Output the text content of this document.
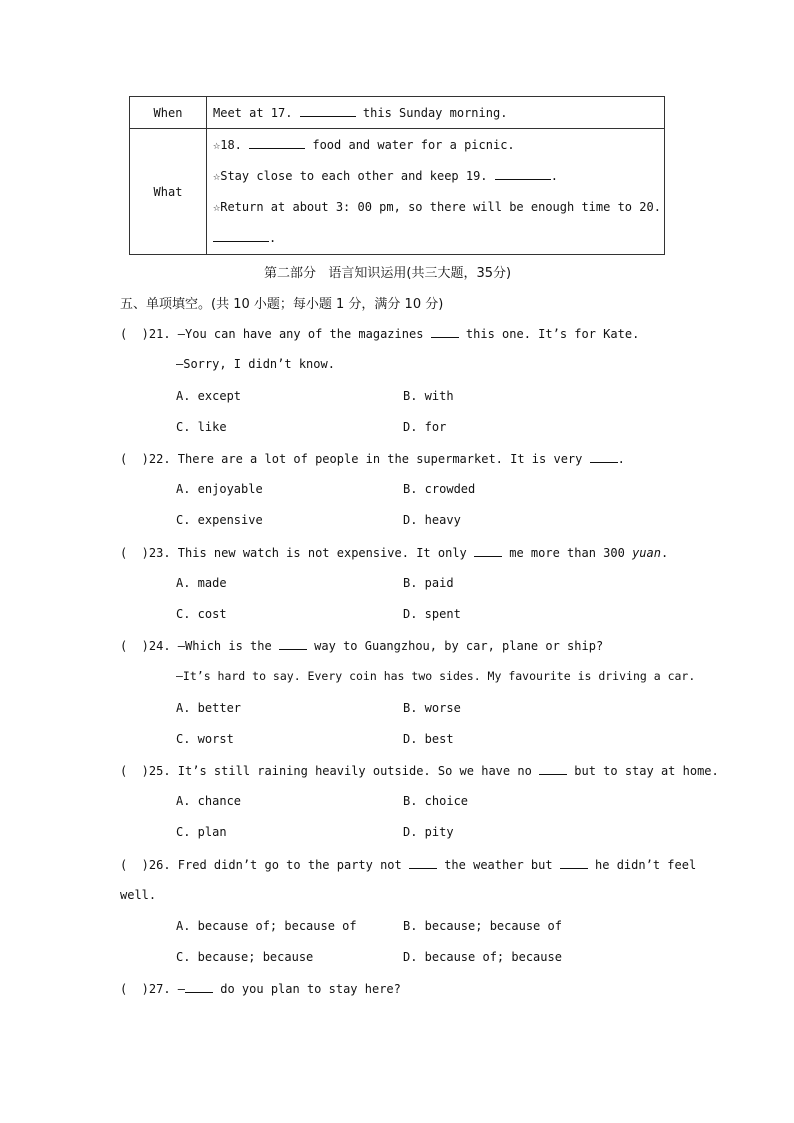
When	Meet at 17. this Sunday morning.
What	☆18. food and water for a picnic.
☆Stay close to each other and keep 19. .
☆Return at about 3: 00 pm, so there will be enough time to 20.
.
第二部分   语言知识运用(共三大题，35分)
五、单项填空。(共 10 小题；每小题 1 分，满分 10 分)
(  )21. —You can have any of the magazines  this one. It’s for Kate.
—Sorry, I didn’t know.
A. except	B. with
C. like	D. for
(  )22. There are a lot of people in the supermarket. It is very .
A. enjoyable	B. crowded
C. expensive	D. heavy
(  )23. This new watch is not expensive. It only  me more than 300 yuan.
A. made	B. paid
C. cost	D. spent
(  )24. —Which is the  way to Guangzhou, by car, plane or ship?
—It’s hard to say. Every coin has two sides. My favourite is driving a car.
A. better	B. worse
C. worst	D. best
(  )25. It’s still raining heavily outside. So we have no  but to stay at home.
A. chance	B. choice
C. plan	D. pity
(  )26. Fred didn’t go to the party not  the weather but  he didn’t feel
well.
A. because of; because of	B. because; because of
C. because; because	D. because of; because
(  )27. — do you plan to stay here?
